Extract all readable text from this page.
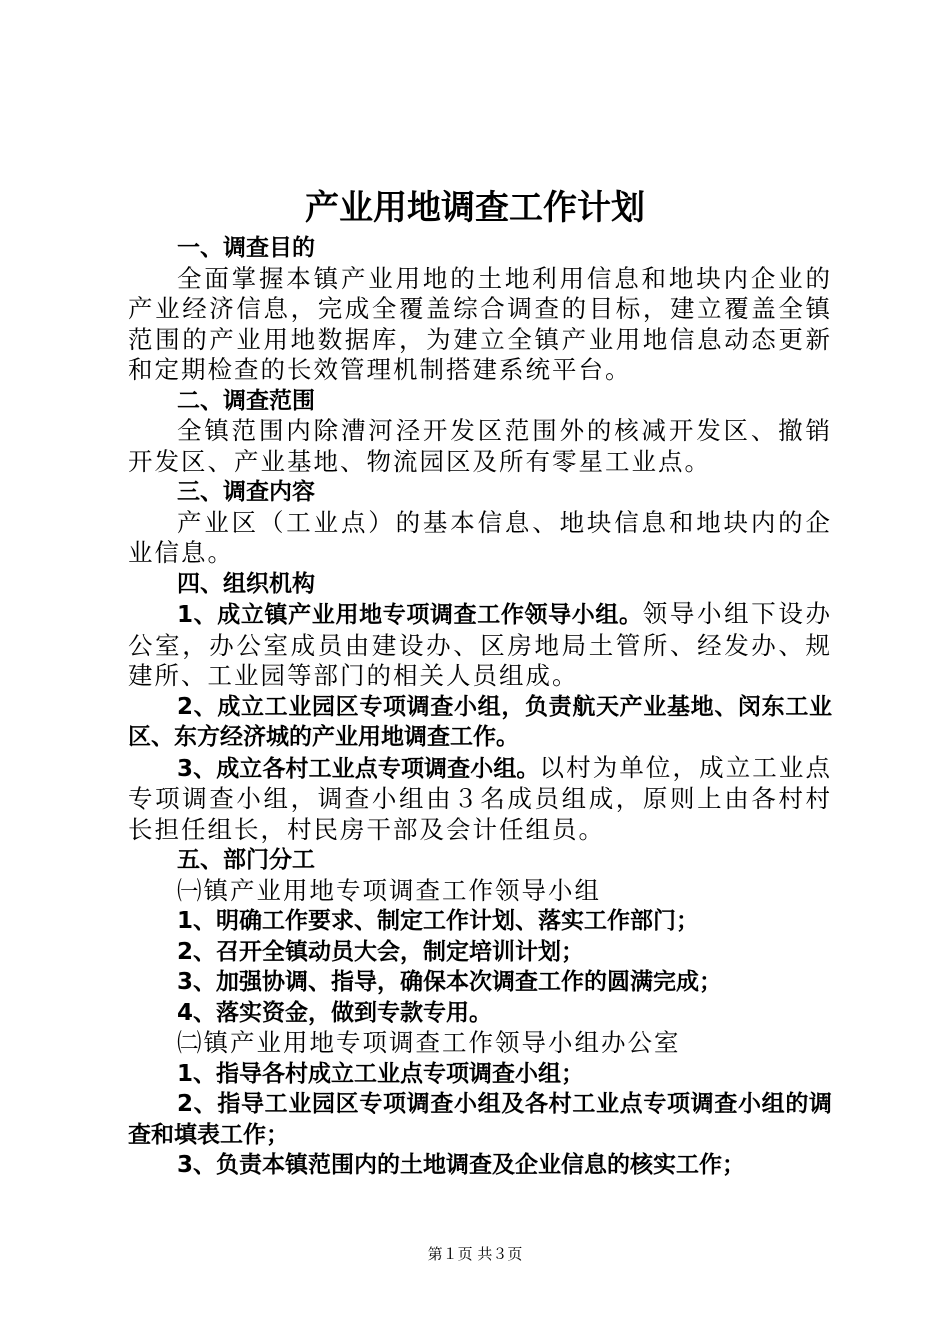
产业用地调查工作计划

一、调查目的

全面掌握本镇产业用地的土地利用信息和地块内企业的产业经济信息，完成全覆盖综合调查的目标，建立覆盖全镇范围的产业用地数据库，为建立全镇产业用地信息动态更新和定期检查的长效管理机制搭建系统平台。

二、调查范围

全镇范围内除漕河泾开发区范围外的核减开发区、撤销开发区、产业基地、物流园区及所有零星工业点。

三、调查内容

产业区（工业点）的基本信息、地块信息和地块内的企业信息。

四、组织机构

1、成立镇产业用地专项调查工作领导小组。领导小组下设办公室，办公室成员由建设办、区房地局土管所、经发办、规建所、工业园等部门的相关人员组成。

2、成立工业园区专项调查小组，负责航天产业基地、闵东工业区、东方经济城的产业用地调查工作。

3、成立各村工业点专项调查小组。以村为单位，成立工业点专项调查小组，调查小组由３名成员组成，原则上由各村村长担任组长，村民房干部及会计任组员。

五、部门分工

㈠镇产业用地专项调查工作领导小组

1、明确工作要求、制定工作计划、落实工作部门；

2、召开全镇动员大会，制定培训计划；

3、加强协调、指导，确保本次调查工作的圆满完成；

4、落实资金，做到专款专用。

㈡镇产业用地专项调查工作领导小组办公室

1、指导各村成立工业点专项调查小组；

2、指导工业园区专项调查小组及各村工业点专项调查小组的调查和填表工作；

3、负责本镇范围内的土地调查及企业信息的核实工作；

第１页 共３页
